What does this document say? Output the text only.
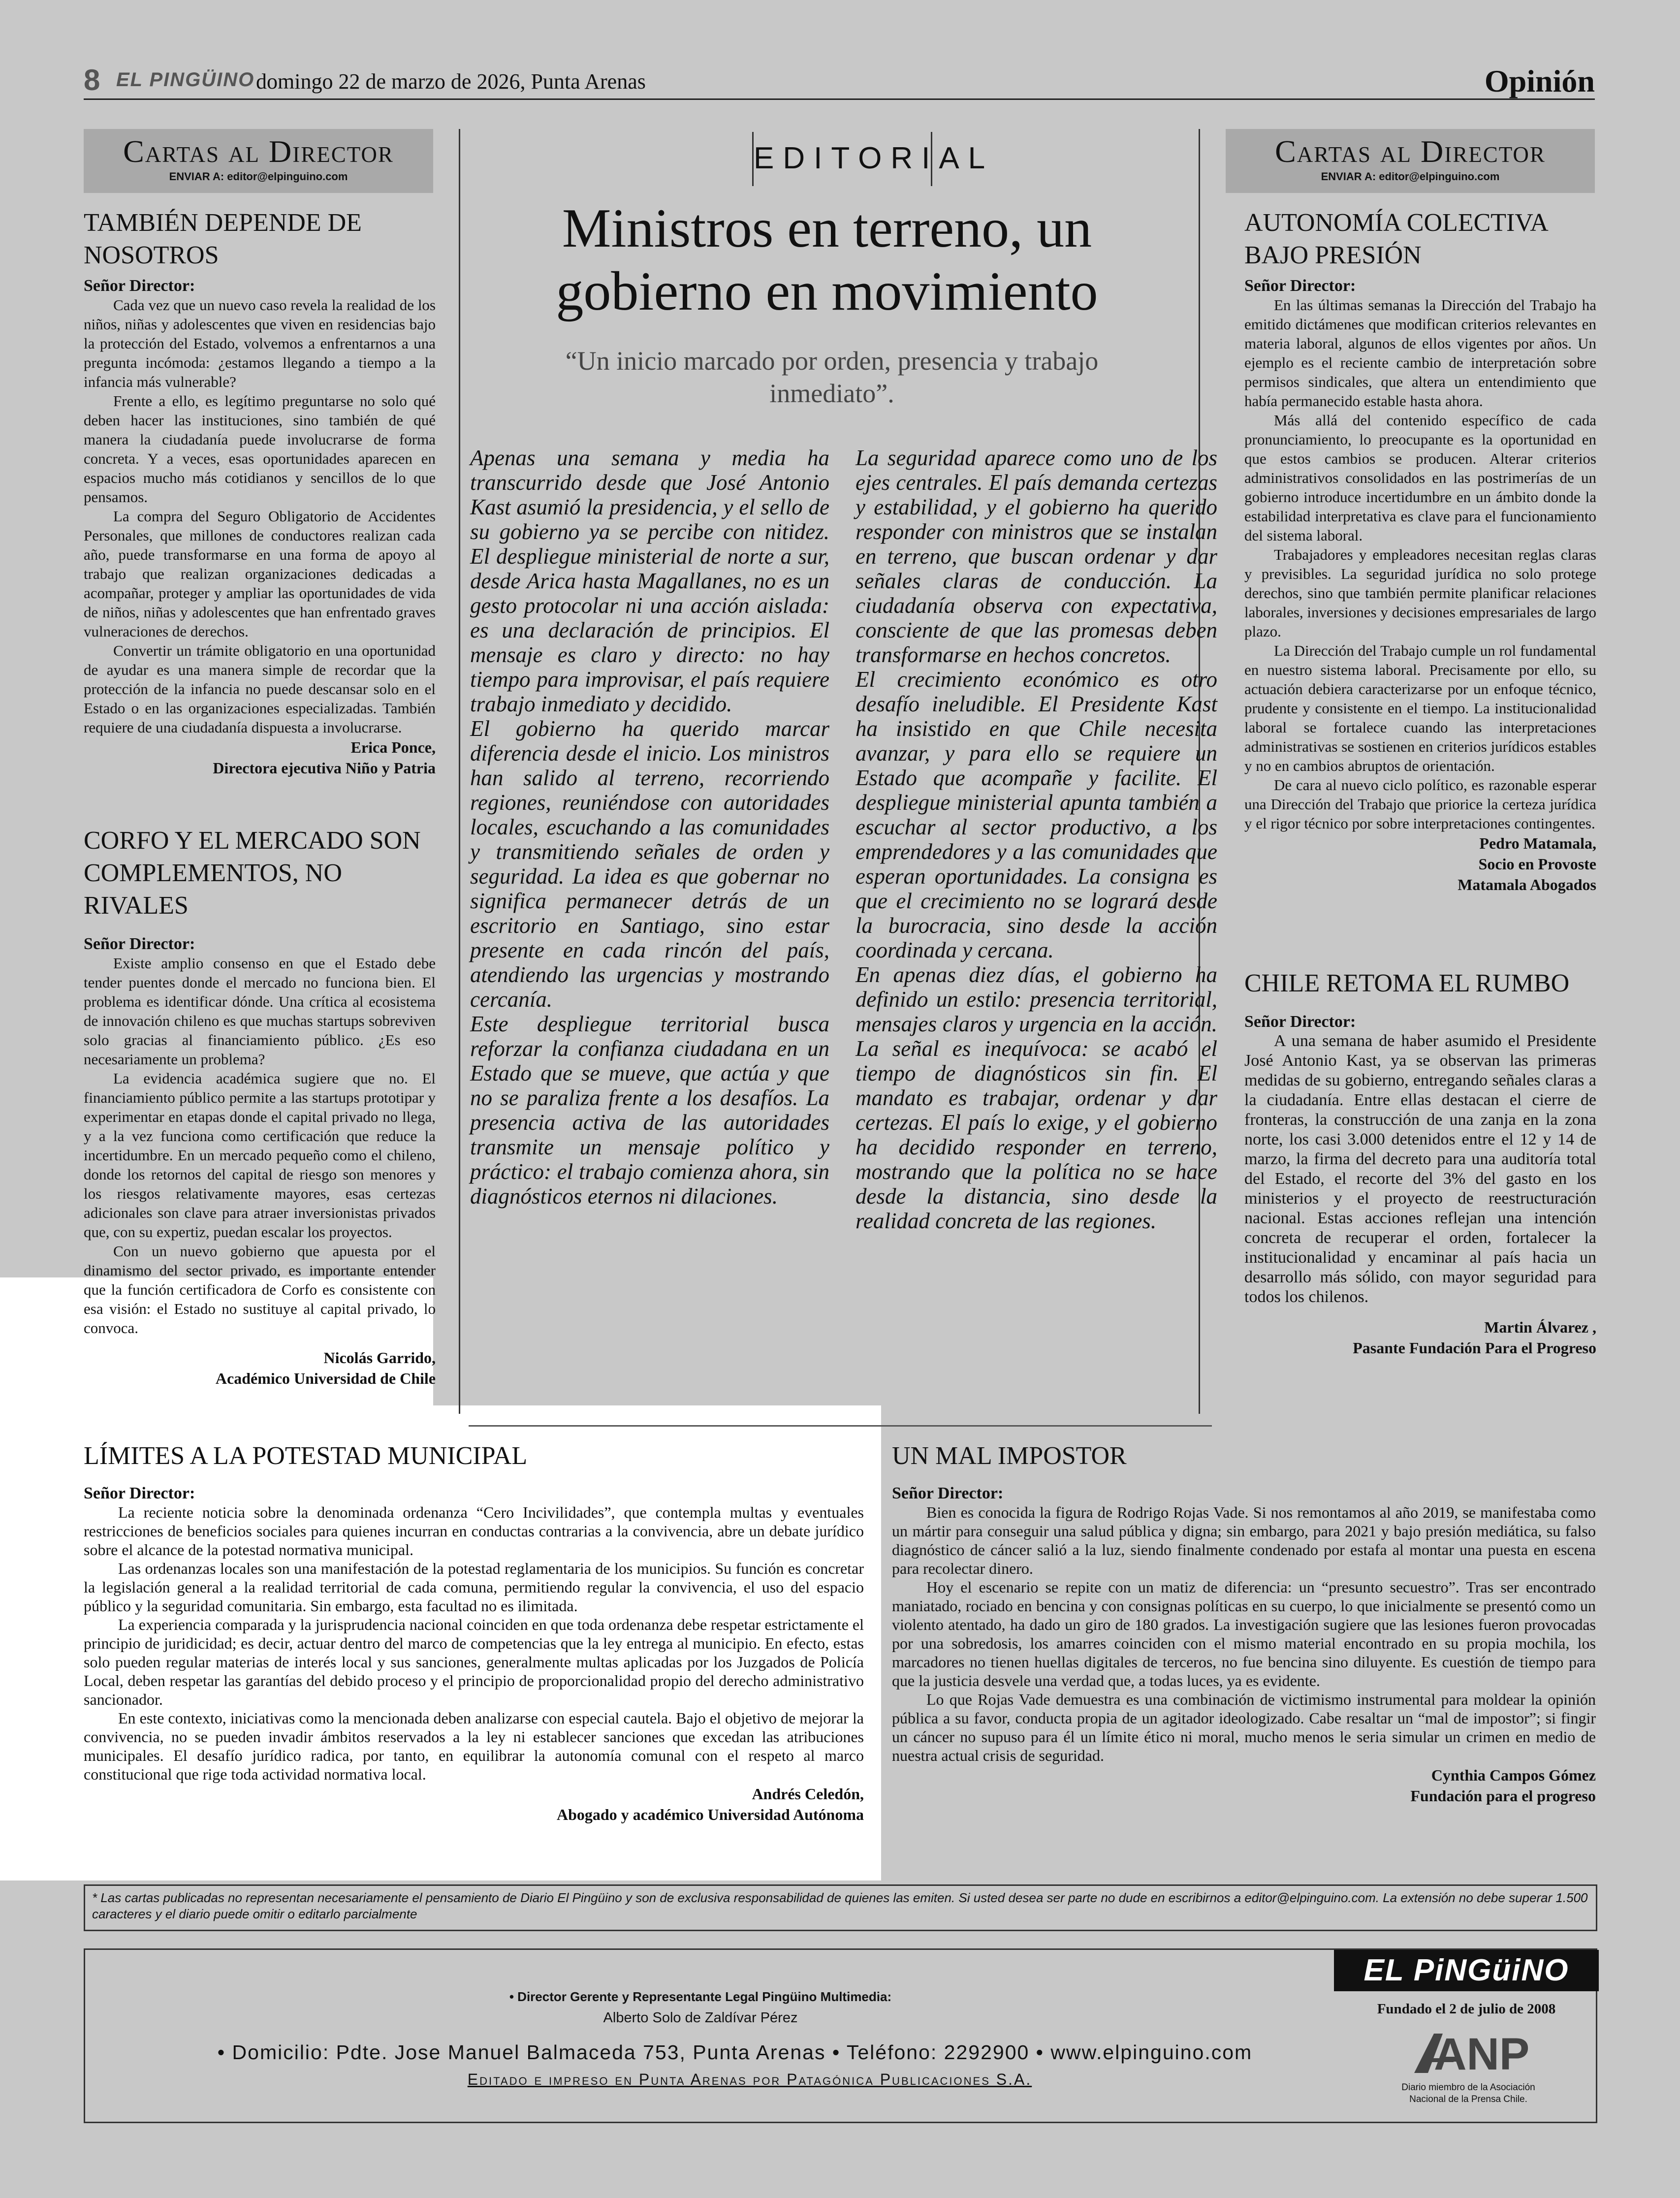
8 EL PINGÜINO domingo 22 de marzo de 2026, Punta Arenas	Opinión
Cartas al Director
ENVIAR A: editor@elpinguino.com
TAMBIÉN DEPENDE DE NOSOTROS
Señor Director:

Cada vez que un nuevo caso revela la realidad de los niños, niñas y adolescentes que viven en residencias bajo la protección del Estado, volvemos a enfrentarnos a una pregunta incómoda: ¿estamos llegando a tiempo a la infancia más vulnerable?

Frente a ello, es legítimo preguntarse no solo qué deben hacer las instituciones, sino también de qué manera la ciudadanía puede involucrarse de forma concreta. Y a veces, esas oportunidades aparecen en espacios mucho más cotidianos y sencillos de lo que pensamos.

La compra del Seguro Obligatorio de Accidentes Personales, que millones de conductores realizan cada año, puede transformarse en una forma de apoyo al trabajo que realizan organizaciones dedicadas a acompañar, proteger y ampliar las oportunidades de vida de niños, niñas y adolescentes que han enfrentado graves vulneraciones de derechos.

Convertir un trámite obligatorio en una oportunidad de ayudar es una manera simple de recordar que la protección de la infancia no puede descansar solo en el Estado o en las organizaciones especializadas. También requiere de una ciudadanía dispuesta a involucrarse.

Erica Ponce,
Directora ejecutiva Niño y Patria
CORFO Y EL MERCADO SON COMPLEMENTOS, NO RIVALES
Señor Director:

Existe amplio consenso en que el Estado debe tender puentes donde el mercado no funciona bien. El problema es identificar dónde. Una crítica al ecosistema de innovación chileno es que muchas startups sobreviven solo gracias al financiamiento público. ¿Es eso necesariamente un problema?

La evidencia académica sugiere que no. El financiamiento público permite a las startups prototipar y experimentar en etapas donde el capital privado no llega, y a la vez funciona como certificación que reduce la incertidumbre. En un mercado pequeño como el chileno, donde los retornos del capital de riesgo son menores y los riesgos relativamente mayores, esas certezas adicionales son clave para atraer inversionistas privados que, con su expertiz, puedan escalar los proyectos.

Con un nuevo gobierno que apuesta por el dinamismo del sector privado, es importante entender que la función certificadora de Corfo es consistente con esa visión: el Estado no sustituye al capital privado, lo convoca.

Nicolás Garrido,
Académico Universidad de Chile
EDITORIAL
Ministros en terreno, un gobierno en movimiento
“Un inicio marcado por orden, presencia y trabajo inmediato”.

Apenas una semana y media ha transcurrido desde que José Antonio Kast asumió la presidencia, y el sello de su gobierno ya se percibe con nitidez. El despliegue ministerial de norte a sur, desde Arica hasta Magallanes, no es un gesto protocolar ni una acción aislada: es una declaración de principios. El mensaje es claro y directo: no hay tiempo para improvisar, el país requiere trabajo inmediato y decidido.

El gobierno ha querido marcar diferencia desde el inicio. Los ministros han salido al terreno, recorriendo regiones, reuniéndose con autoridades locales, escuchando a las comunidades y transmitiendo señales de orden y seguridad. La idea es que gobernar no significa permanecer detrás de un escritorio en Santiago, sino estar presente en cada rincón del país, atendiendo las urgencias y mostrando cercanía.

Este despliegue territorial busca reforzar la confianza ciudadana en un Estado que se mueve, que actúa y que no se paraliza frente a los desafíos. La presencia activa de las autoridades transmite un mensaje político y práctico: el trabajo comienza ahora, sin diagnósticos eternos ni dilaciones.

La seguridad aparece como uno de los ejes centrales. El país demanda certezas y estabilidad, y el gobierno ha querido responder con ministros que se instalan en terreno, que buscan ordenar y dar señales claras de conducción. La ciudadanía observa con expectativa, consciente de que las promesas deben transformarse en hechos concretos.

El crecimiento económico es otro desafío ineludible. El Presidente Kast ha insistido en que Chile necesita avanzar, y para ello se requiere un Estado que acompañe y facilite. El despliegue ministerial apunta también a escuchar al sector productivo, a los emprendedores y a las comunidades que esperan oportunidades. La consigna es que el crecimiento no se logrará desde la burocracia, sino desde la acción coordinada y cercana.

En apenas diez días, el gobierno ha definido un estilo: presencia territorial, mensajes claros y urgencia en la acción. La señal es inequívoca: se acabó el tiempo de diagnósticos sin fin. El mandato es trabajar, ordenar y dar certezas. El país lo exige, y el gobierno ha decidido responder en terreno, mostrando que la política no se hace desde la distancia, sino desde la realidad concreta de las regiones.

Cartas al Director
ENVIAR A: editor@elpinguino.com
AUTONOMÍA COLECTIVA BAJO PRESIÓN
Señor Director:

En las últimas semanas la Dirección del Trabajo ha emitido dictámenes que modifican criterios relevantes en materia laboral, algunos de ellos vigentes por años. Un ejemplo es el reciente cambio de interpretación sobre permisos sindicales, que altera un entendimiento que había permanecido estable hasta ahora.

Más allá del contenido específico de cada pronunciamiento, lo preocupante es la oportunidad en que estos cambios se producen. Alterar criterios administrativos consolidados en las postrimerías de un gobierno introduce incertidumbre en un ámbito donde la estabilidad interpretativa es clave para el funcionamiento del sistema laboral.

Trabajadores y empleadores necesitan reglas claras y previsibles. La seguridad jurídica no solo protege derechos, sino que también permite planificar relaciones laborales, inversiones y decisiones empresariales de largo plazo.

La Dirección del Trabajo cumple un rol fundamental en nuestro sistema laboral. Precisamente por ello, su actuación debiera caracterizarse por un enfoque técnico, prudente y consistente en el tiempo. La institucionalidad laboral se fortalece cuando las interpretaciones administrativas se sostienen en criterios jurídicos estables y no en cambios abruptos de orientación.

De cara al nuevo ciclo político, es razonable esperar una Dirección del Trabajo que priorice la certeza jurídica y el rigor técnico por sobre interpretaciones contingentes.

Pedro Matamala,
Socio en Provoste
Matamala Abogados
CHILE RETOMA EL RUMBO
Señor Director:

A una semana de haber asumido el Presidente José Antonio Kast, ya se observan las primeras medidas de su gobierno, entregando señales claras a la ciudadanía. Entre ellas destacan el cierre de fronteras, la construcción de una zanja en la zona norte, los casi 3.000 detenidos entre el 12 y 14 de marzo, la firma del decreto para una auditoría total del Estado, el recorte del 3% del gasto en los ministerios y el proyecto de reestructuración nacional. Estas acciones reflejan una intención concreta de recuperar el orden, fortalecer la institucionalidad y encaminar al país hacia un desarrollo más sólido, con mayor seguridad para todos los chilenos.

Martin Álvarez ,
Pasante Fundación Para el Progreso
LÍMITES A LA POTESTAD MUNICIPAL
Señor Director:

La reciente noticia sobre la denominada ordenanza “Cero Incivilidades”, que contempla multas y eventuales restricciones de beneficios sociales para quienes incurran en conductas contrarias a la convivencia, abre un debate jurídico sobre el alcance de la potestad normativa municipal.

Las ordenanzas locales son una manifestación de la potestad reglamentaria de los municipios. Su función es concretar la legislación general a la realidad territorial de cada comuna, permitiendo regular la convivencia, el uso del espacio público y la seguridad comunitaria. Sin embargo, esta facultad no es ilimitada.

La experiencia comparada y la jurisprudencia nacional coinciden en que toda ordenanza debe respetar estrictamente el principio de juridicidad; es decir, actuar dentro del marco de competencias que la ley entrega al municipio. En efecto, estas solo pueden regular materias de interés local y sus sanciones, generalmente multas aplicadas por los Juzgados de Policía Local, deben respetar las garantías del debido proceso y el principio de proporcionalidad propio del derecho administrativo sancionador.

En este contexto, iniciativas como la mencionada deben analizarse con especial cautela. Bajo el objetivo de mejorar la convivencia, no se pueden invadir ámbitos reservados a la ley ni establecer sanciones que excedan las atribuciones municipales. El desafío jurídico radica, por tanto, en equilibrar la autonomía comunal con el respeto al marco constitucional que rige toda actividad normativa local.

Andrés Celedón,
Abogado y académico Universidad Autónoma
UN MAL IMPOSTOR
Señor Director:

Bien es conocida la figura de Rodrigo Rojas Vade. Si nos remontamos al año 2019, se manifestaba como un mártir para conseguir una salud pública y digna; sin embargo, para 2021 y bajo presión mediática, su falso diagnóstico de cáncer salió a la luz, siendo finalmente condenado por estafa al montar una puesta en escena para recolectar dinero.

Hoy el escenario se repite con un matiz de diferencia: un “presunto secuestro”. Tras ser encontrado maniatado, rociado en bencina y con consignas políticas en su cuerpo, lo que inicialmente se presentó como un violento atentado, ha dado un giro de 180 grados. La investigación sugiere que las lesiones fueron provocadas por una sobredosis, los amarres coinciden con el mismo material encontrado en su propia mochila, los marcadores no tienen huellas digitales de terceros, no fue bencina sino diluyente. Es cuestión de tiempo para que la justicia desvele una verdad que, a todas luces, ya es evidente.

Lo que Rojas Vade demuestra es una combinación de victimismo instrumental para moldear la opinión pública a su favor, conducta propia de un agitador ideologizado. Cabe resaltar un “mal de impostor”; si fingir un cáncer no supuso para él un límite ético ni moral, mucho menos le seria simular un crimen en medio de nuestra actual crisis de seguridad.

Cynthia Campos Gómez
Fundación para el progreso
* Las cartas publicadas no representan necesariamente el pensamiento de Diario El Pingüino y son de exclusiva responsabilidad de quienes las emiten. Si usted desea ser parte no dude en escribirnos a editor@elpinguino.com. La extensión no debe superar 1.500 caracteres y el diario puede omitir o editarlo parcialmente
• Director Gerente y Representante Legal Pingüino Multimedia:
Alberto Solo de Zaldívar Pérez
• Domicilio: Pdte. Jose Manuel Balmaceda 753, Punta Arenas • Teléfono: 2292900 • www.elpinguino.com
Editado e impreso en Punta Arenas por Patagónica Publicaciones S.A.
EL PiNGüiNO
Fundado el 2 de julio de 2008
ANP
Diario miembro de la Asociación Nacional de la Prensa Chile.
